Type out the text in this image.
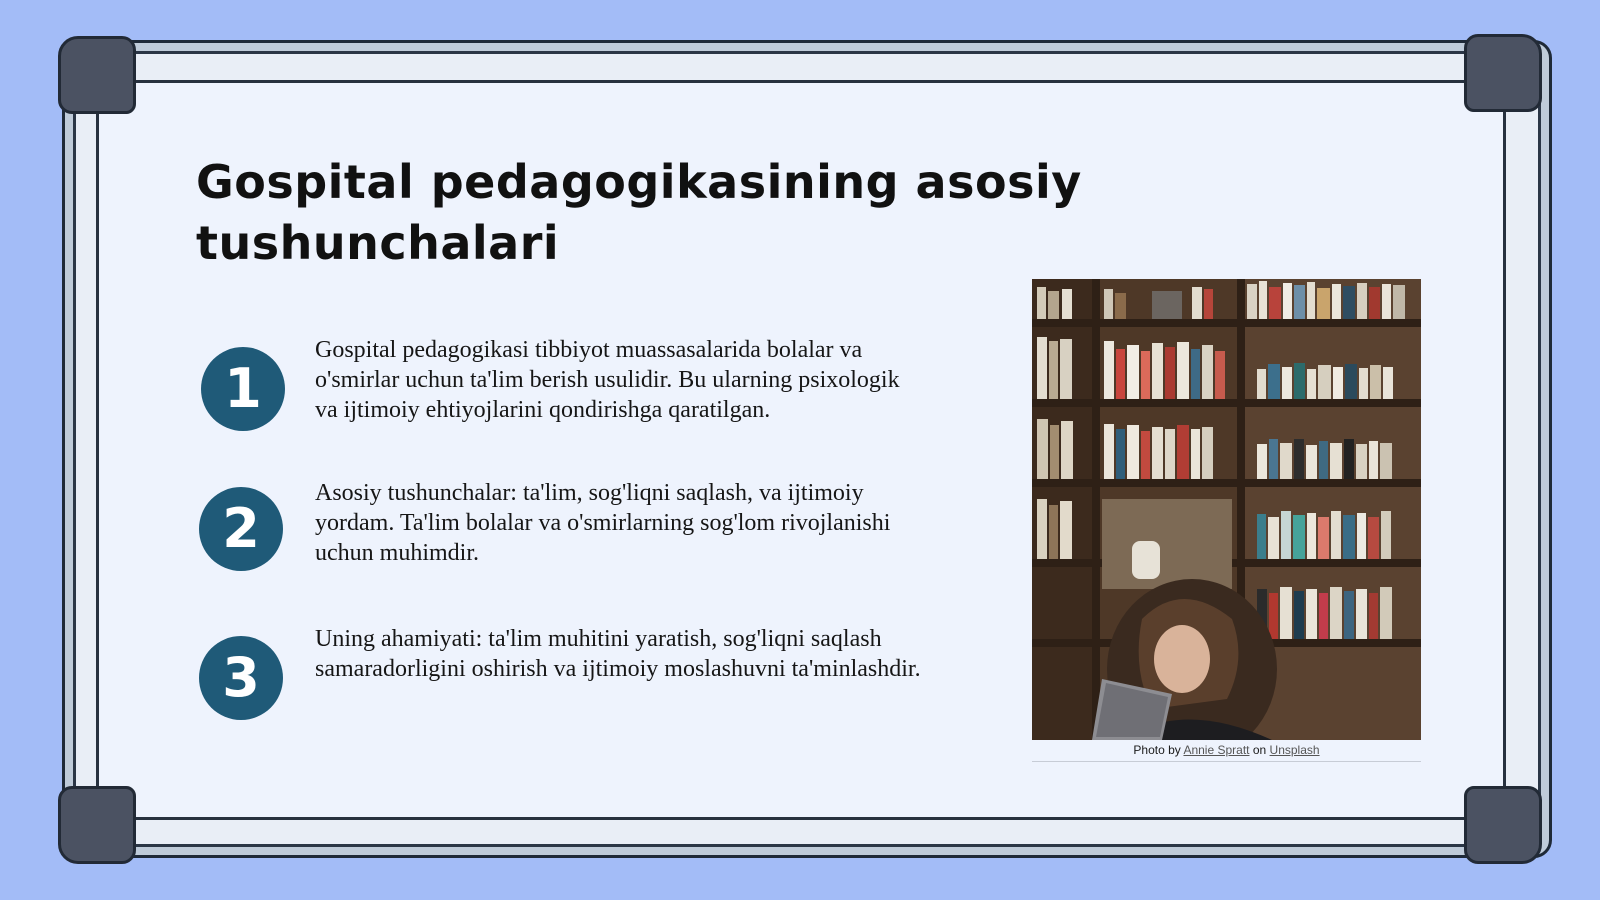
Gospital pedagogikasining asosiy tushunchalari
1
Gospital pedagogikasi tibbiyot muassasalarida bolalar va o'smirlar uchun ta'lim berish usulidir. Bu ularning psixologik va ijtimoiy ehtiyojlarini qondirishga qaratilgan.
2
Asosiy tushunchalar: ta'lim, sog'liqni saqlash, va ijtimoiy yordam. Ta'lim bolalar va o'smirlarning sog'lom rivojlanishi uchun muhimdir.
3
Uning ahamiyati: ta'lim muhitini yaratish, sog'liqni saqlash samaradorligini oshirish va ijtimoiy moslashuvni ta'minlashdir.
Photo by Annie Spratt on Unsplash
